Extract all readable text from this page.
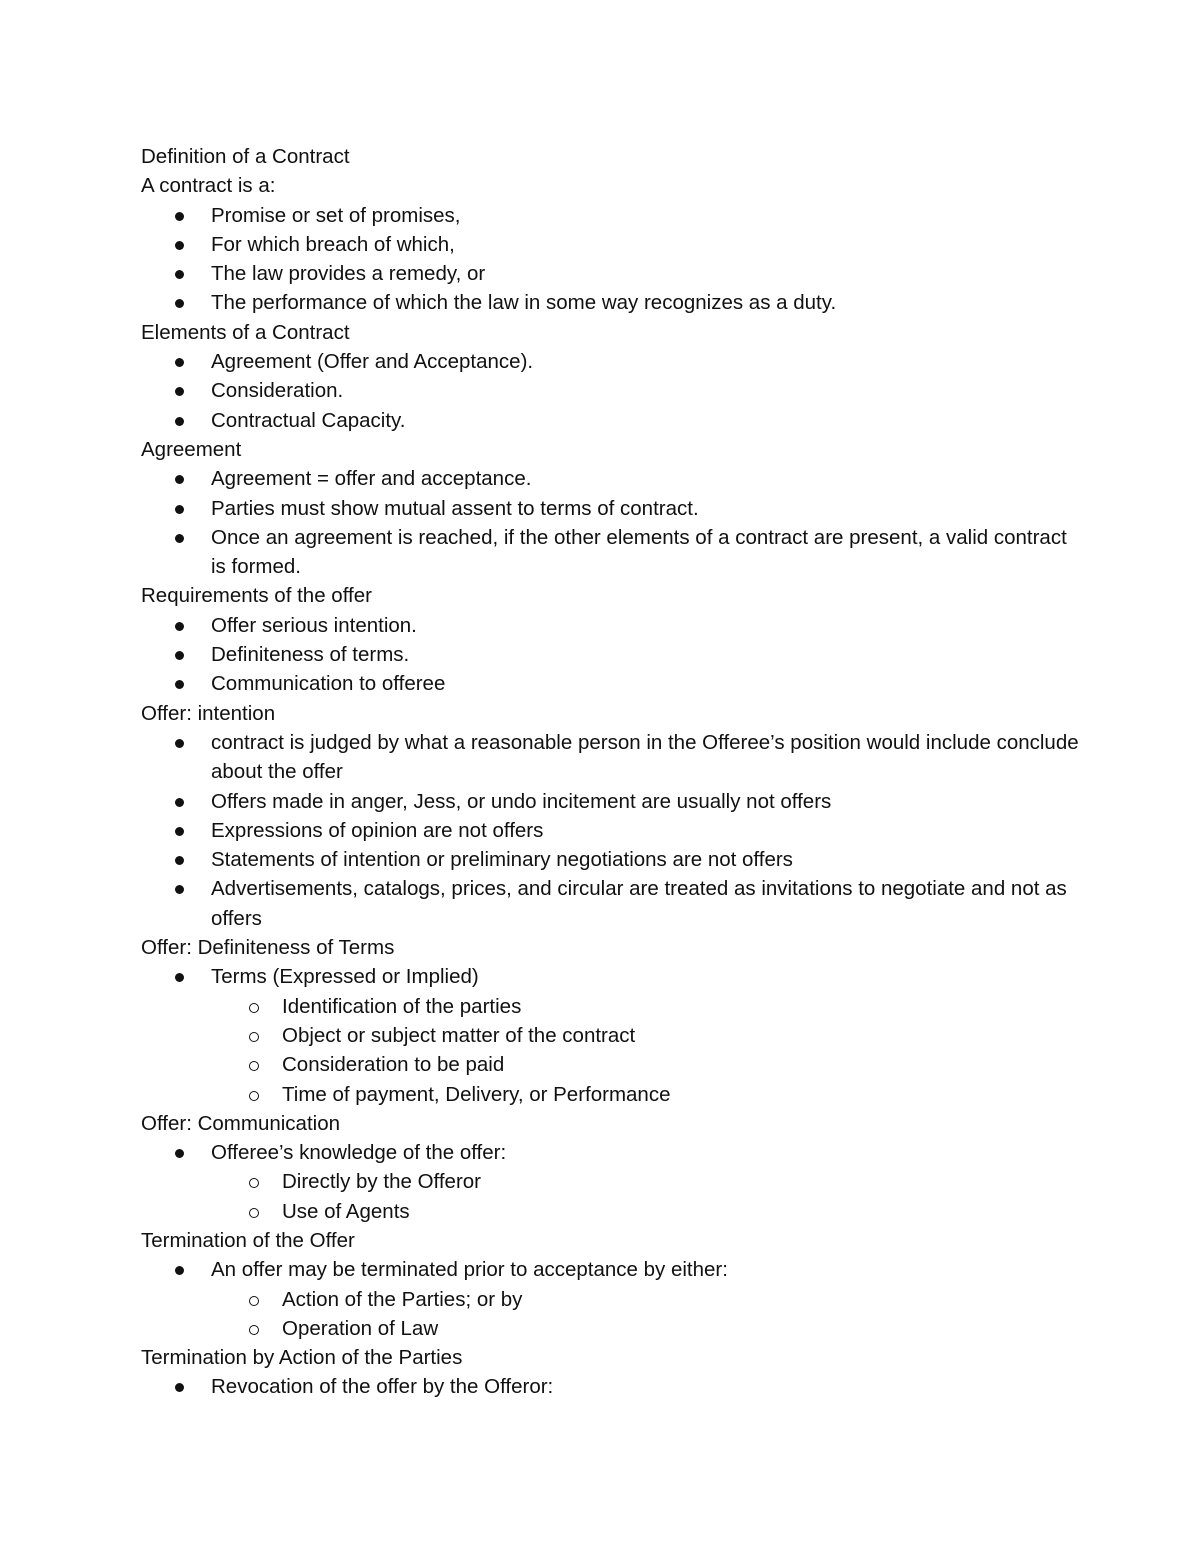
Definition of a Contract
A contract is a:
Promise or set of promises,
For which breach of which,
The law provides a remedy, or
The performance of which the law in some way recognizes as a duty.
Elements of a Contract
Agreement (Offer and Acceptance).
Consideration.
Contractual Capacity.
Agreement
Agreement = offer and acceptance.
Parties must show mutual assent to terms of contract.
Once an agreement is reached, if the other elements of a contract are present, a valid contract is formed.
Requirements of the offer
Offer serious intention.
Definiteness of terms.
Communication to offeree
Offer: intention
contract is judged by what a reasonable person in the Offeree’s position would include conclude about the offer
Offers made in anger, Jess, or undo incitement are usually not offers
Expressions of opinion are not offers
Statements of intention or preliminary negotiations are not offers
Advertisements, catalogs, prices, and circular are treated as invitations to negotiate and not as offers
Offer: Definiteness of Terms
Terms (Expressed or Implied)
Identification of the parties
Object or subject matter of the contract
Consideration to be paid
Time of payment, Delivery, or Performance
Offer: Communication
Offeree’s knowledge of the offer:
Directly by the Offeror
Use of Agents
Termination of the Offer
An offer may be terminated prior to acceptance by either:
Action of the Parties; or by
Operation of Law
Termination by Action of the Parties
Revocation of the offer by the Offeror:
